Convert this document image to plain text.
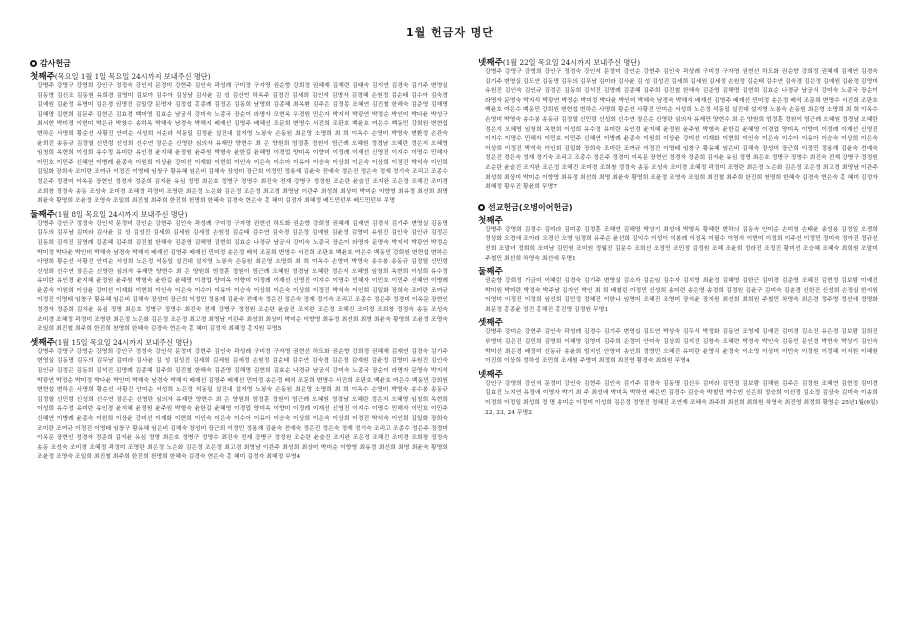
1월 헌금자 명단
감사헌금
첫째주(목요일 1월 1일 목요일 24시까지 보내주신 명단)
강병주 강영구 강영희 강인구 정정숙 강인석 문정미 강현주 김인숙 곽성례 구미정 구자영 권순향 강희정 권혜재 김재련 김태숙 김지연 김경숙 김기주 변영실 김동명 김신조 김동원 유희경 김영미 김보아 김수아 김상남 김사윤 김 성 김산빈 하옥주 김정진 김세희 김인석 김명자 김경혜 손원정 김순태 김수아 김숙경 김예원 김윤정 유명미 김은경 권명진 김일량 문명자 김정섭 홍종례 김정곤 김동희 남영희 김종혜 최옥환 김주은 김정몽 조혜연 김진철 한해숙 김준영 김해명 김혜명 김현희 김문주 김현곤 김효경 백미영 김효순 남궁식 강미숙 노종국 장순이 라명자 모현옥 우경원 민은자 박지석 박광연 박정순 박인미 박다윤 박성구 최서현 박미경 이현미 박은규 박창수 송하옥 박해숙 남경숙 박해지 배재선 김영주 배혜선 조문희 변명수 서진희 조판호 백윤호 여은수 백동민 강희원 변현섭 변하은 사명희 황순선 사황진 안미순 서성희 서순라 석동일 김정윤 설진대 설지영 노봉숙 손동원 최은영 소명희 최 희 이옥수 손영미 박영숙 변환정 손관숙 윤희진 송동규 김정열 신민령 신성희 신수연 장은순 신영란 심의자 유재만 양현수 최 은 양원희 엄정훈 정원이 엄근례 오혜원 정경남 오혜란 정은지 오혜영 임청희 옥현희 이성희 유수정 유미란 유인경 윤지혜 윤정원 윤주원 박형숙 윤한길 윤혜영 이경업 양미옥 이향미 이정례 이재선 신영진 이지수 이명수 민해자 이민호 이민주 신혜연 이병례 윤종숙 이원희 이상윤 강미선 이재화 이현희 이인숙 이은숙 이수아 이유아 이승숙 이상희 이은숙 이상희 이정진 박석숙 이인희 김일화 장희숙 조미란 조여규 이정진 이영태 임창구 황유혜 임은비 김해숙 장성미 장근희 이정민 정용재 김윤숙 전예숙 정은진 정은숙 정재 정기숙 조리고 조종수 정은주 정경미 이옥문 장현인 정경자 정준희 김지윤 유심 정명 최은호 정병구 정명수 최진숙 전재 강병구 정정원 조순란 윤슬진 조지완 조은정 조해진 조미경 조희창 정정숙 송동 조성숙 조미경 조혜정 곽정미 조영란 최은정 노은화 김은정 조은정 최고경 최영남 이관주 최성희 최상미 박미순 이향영 최유정 최선희 최명 최윤숙 황영희 조윤정 조영숙 조일희 최진철 최주희 한진희 천명희 한혜숙 김경숙 현은숙 홍 혜미 김정자 최혜정 배드민턴부 배드민턴부 무명
둘째주(1월 8일 목요일 24시까지 보내주신 명단)
강병주 강인구 정정숙 강인석 문정미 강인순 강현주 김인숙 곽성례 구미정 구자영 권현선 하도화 권순향 강희정 권혜재 김재연 김경식 김기주 변영실 김동명 김두의 김무남 김미라 김사윤 김 성 김성진 김세희 김세원 김세정 손원정 김순태 김수연 김숙경 김은정 김예원 김윤정 김영미 유원진 김인숙 김인규 김정곤 김동희 김석진 김명례 김종혜 김주희 김진철 한해숙 김준영 김해명 김현희 김효순 나경규 남궁식 강미숙 노종국 장순이 라명자 문명숙 박지석 박광연 박정순 박미정 박다윤 박인미 박해숙 남경숙 박해지 배재선 김영주 배재선 민미정 송은정 배석 조문희 변명수 서진희 조판호 백윤호 여은수 백동민 강희원 변현섭 변하은 사명희 황순선 사황진 안미순 서성희 노은정 석동일 설진대 설지영 노봉숙 손동원 최은영 소명희 최 희 이옥수 손영미 박영숙 송수봉 송동규 김정열 신민령 신성희 신수연 장은순 신영란 심의자 유재만 양현수 최 은 양원희 엄정훈 정원이 엄근례 오혜원 정경남 오혜란 정은지 오혜영 임청희 옥현희 이성희 유수정 유미란 유인경 윤지혜 윤정원 윤주원 박형숙 윤한길 윤혜영 이경업 양미옥 이향미 이정례 이재선 신영진 이지수 이명수 민해자 이민호 이민주 신혜연 이병례 윤종숙 이원희 이상윤 강미선 이재화 이현희 이인숙 이은숙 이수아 이유아 이승숙 이상희 이은숙 이상희 이정진 박석숙 이인희 김일화 장희숙 조미란 조여규 이정진 이영태 임창구 황유혜 임은비 김해숙 장성미 장근희 이정민 정용재 김윤숙 전예숙 정은진 정은숙 정재 정기숙 조리고 조종수 정은주 정경미 이옥문 장현인 정경자 정준희 김지윤 유심 정명 최은호 정병구 정명수 최진숙 전재 강병구 정정원 조순란 윤슬진 조지완 조은정 조해진 조미경 조희창 정정숙 송동 조성숙 조미경 조혜정 곽정미 조영란 최은정 노은화 김은정 조은정 최고경 최영남 이관주 최성희 최상미 박미순 이향영 최유정 최선희 최명 최윤숙 황영희 조윤정 조영숙 조일희 최진철 최주희 한진희 천명희 한혜숙 김경숙 현은숙 홍 혜미 김정자 최혜정 홍지원 무명5
셋째주(1월 15일 목요일 24시까지 보내주신 명단)
강병주 강영구 강영순 강영희 강인구 정정숙 강인석 문정미 강현주 김인숙 곽성례 구미정 구자영 권현선 하도화 권순향 강희정 권혜재 김재연 김경숙 김기주 변영실 김동명 김두의 김무남 김미라 김사윤 김 성 김성진 김세희 김세원 김세정 손원정 김순태 김수연 김숙경 김은정 김예원 김윤정 김영미 유원진 김인숙 김인규 김정곤 김동희 김석진 김명례 김종혜 김주희 김진철 한해숙 김준영 김해명 김현희 김효순 나경규 남궁식 강미숙 노종국 장순이 라명자 문명숙 박지석 박광연 박정순 박미정 박다윤 박인미 박해숙 남경숙 박해지 배재선 김영주 배재선 민미정 송은정 배석 조문희 변명수 서진희 조판호 백윤호 여은수 백동민 강희원 변현섭 변하은 사명희 황순선 사황진 안미순 서성희 노은정 석동일 설진대 설지영 노봉숙 손동원 최은영 소명희 최 희 이옥수 손영미 박영숙 송수봉 송동규 김정열 신민령 신성희 신수연 장은순 신영란 심의자 유재만 양현수 최 은 양원희 엄정훈 정원이 엄근례 오혜원 정경남 오혜란 정은지 오혜영 임청희 옥현희 이성희 유수정 유미란 유인경 윤지혜 윤정원 윤주원 박형숙 윤한길 윤혜영 이경업 양미옥 이향미 이정례 이재선 신영진 이지수 이명수 민해자 이민호 이민주 신혜연 이병례 윤종숙 이원희 이상윤 강미선 이재화 이현희 이인숙 이은숙 이수아 이유아 이승숙 이상희 이은숙 이상희 이정진 박석숙 이인희 김일화 장희숙 조미란 조여규 이정진 이영태 임창구 황유혜 임은비 김해숙 장성미 장근희 이정민 정용재 김윤숙 전예숙 정은진 정은숙 정재 정기숙 조리고 조종수 정은주 정경미 이옥문 장현인 정경자 정준희 김지윤 유심 정명 최은호 정병구 정명수 최진숙 전재 강병구 정정원 조순란 윤슬진 조지완 조은정 조해진 조미경 조희창 정정숙 송동 조성숙 조미경 조혜정 곽정미 조영란 최은정 노은화 김은정 조은정 최고경 최영남 이관주 최성희 최상미 박미순 이향영 최유정 최선희 최명 최윤숙 황영희 조윤정 조영숙 조일희 최진철 최주희 한진희 천명희 한혜숙 김경숙 현은숙 홍 혜미 김정자 최혜정 무명4
넷째주(1월 22일 목요일 24시까지 보내주신 명단)
강병주 강영구 강영희 강인구 정정숙 강인석 문정미 강인순 강현주 김인숙 곽성례 구미정 구자영 권현선 하도화 권순향 강희정 권혜재 김재연 김경숙 김기주 변영실 김도연 김동명 김두의 김무남 김미라 김사윤 김 성 김성진 김세희 김세원 김세정 손원정 김순태 김수연 김숙경 김은정 김예원 김윤정 김영미 유원진 김인숙 김인규 김정곤 김동희 김석진 김명례 김종혜 김주희 김진철 한해숙 김준영 김해명 김현희 김효순 나경규 남궁식 강미숙 노종국 장순이 라명자 문명숙 박지석 박광연 박정순 박미정 박다윤 박인미 박해숙 남경숙 박해지 배재선 김영주 배재선 민미정 송은정 배석 조문희 변명수 서진희 조판호 백윤호 여은수 백동민 강희원 변현섭 변하은 사명희 황순선 사황진 안미순 서성희 노은정 석동일 설진대 설지영 노봉숙 손동원 최은영 소명희 최 희 이옥수 손영미 박영숙 송수봉 송동규 김정열 신민령 신성희 신수연 장은순 신영란 심의자 유재만 양현수 최 은 양원희 엄정훈 정원이 엄근례 오혜원 정경남 오혜란 정은지 오혜영 임청희 옥현희 이성희 유수정 유미란 유인경 윤지혜 윤정원 윤주원 박형숙 윤한길 윤혜영 이경업 양미옥 이향미 이정례 이재선 신영진 이지수 이명수 민해자 이민호 이민주 신혜연 이병례 윤종숙 이원희 이상윤 강미선 이재화 이현희 이인숙 이은숙 이수아 이유아 이승숙 이상희 이은숙 이상희 이정진 박석숙 이인희 김일화 장희숙 조미란 조여규 이정진 이영태 임창구 황유혜 임은비 김해숙 장성미 장근희 이정민 정용재 김윤숙 전예숙 정은진 정은숙 정재 정기숙 조리고 조종수 정은주 정경미 이옥문 장현인 정경자 정준희 김지윤 유심 정명 최은호 정병구 정명수 최진숙 전재 강병구 정정원 조순란 윤슬진 조지완 조은정 조해진 조미경 조희창 정정숙 송동 조성숙 조미경 조혜정 곽정미 조영란 최은정 노은화 김은정 조은정 최고경 최영남 이관주 최성희 최상미 박미순 이향영 최유정 최선희 최명 최윤숙 황영희 조윤정 조영숙 조일희 최진철 최주희 한진희 천명희 한혜숙 김경숙 현은숙 홍 혜미 김정자 최혜정 황우진 황윤희 무명7
선교헌금(오병이어헌금)
첫째주
강병주 강영희 김경수 김미라 김미종 김정훈 조혜연 김해명 박상기 최성애 박형옥 황혜련 변하늬 김동숙 안미순 손미청 손태윤 송성용 김정일 오경희 정상화 오경애 조아라 오경신 오명 임정희 유주순 윤선희 김익수 이성이 이봉례 이정옥 이필수 이영자 이현미 이정희 이주선 이정민 정미숙 정아진 정규선 전희 조말녀 정희희 조미남 김민원 조미원 정월진 김문수 조희선 조정민 조민정 김정원 조혜 조윤희 정라진 조정진 황미선 조승혜 조혜숙 최희원 조말미 주철민 최선희 차영숙 최선애 무명1
둘째주
권순향 강희정 기금미 이혜린 김경숙 김기주 변영실 김소자 김순임 김수자 김지영 최윤정 김혜영 김한근 김미경 김준영 조혜진 김현정 김보람 이예진 박미원 박미란 박정숙 박주남 김자인 박인 최 희 배철린 이정민 신성희 송미련 송은영 송경희 김정원 김윤구 김미숙 김춘경 신한진 신성희 손정심 한지원 이영미 이정진 이정희 임선희 김민정 정혜진 이한나 임영미 조혜진 조영미 장지윤 장지원 최선희 최희원 주철민 차영숙 최은경 정주영 정선애 정명화 최문정 홍종윤 정진 홍해진 홍진영 김정원 무명1
셋째주
강병주 강미순 강현주 김인숙 곽성례 김경수 김기주 변영실 김도연 박상숙 김두식 박정화 김동연 조영제 김예진 김미경 김소진 유은경 김보람 김희진 부영미 김은진 김민희 김명희 이혜영 김영미 김주희 손정미 안미숙 김상희 김지진 김창숙 조혜련 박경숙 박인숙 김동민 문인경 박현숙 박상기 김인숙 박미선 최은경 배정미 신동규 송윤희 엄지인 안영미 송인희 정영민 오혜진 유미란 윤영식 윤정숙 이소영 이상미 이민숙 이정원 이정혜 이지원 이혜원 이진희 이상희 정하성 조민희 조세원 주영미 최정희 최진영 황경숙 최희원 무명4
넷째주
강인구 강영희 강인석 문정미 강인숙 김현주 김인숙 김기주 김경숙 김동명 김신우 김미라 김민정 김보람 김해원 김주은 김정원 조혜연 김현정 김미경 김효진 노지연 유정애 이영자 박기 최 주 최성애 박미옥 박하연 배은빈 김경수 김승숙 박철민 박수빈 신은희 정승희 이선정 김소정 김상숙 김미숙 이송희 이정희 이정일 최성희 정 명 송미순 이정미 이성희 김은정 정영진 정혜진 조연재 조혜숙 최주희 최선희 최희원 차영숙 최진영 최정희 황영순 25년1월(6일) 22, 23, 24 무명2
